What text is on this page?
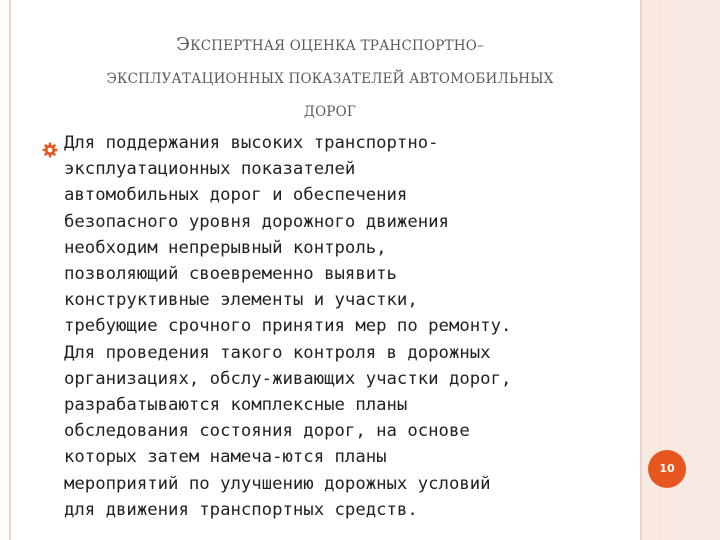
ЭКСПЕРТНАЯ ОЦЕНКА ТРАНСПОРТНО–
ЭКСПЛУАТАЦИОННЫХ ПОКАЗАТЕЛЕЙ АВТОМОБИЛЬНЫХ
ДОРОГ
Для поддержания высоких транспортно-
эксплуатационных показателей
автомобильных дорог и обеспечения
безопасного уровня дорожного движения
необходим непрерывный контроль,
позволяющий своевременно выявить
конструктивные элементы и участки,
требующие срочного принятия мер по ремонту.
Для проведения такого контроля в дорожных
организациях, обслу-живающих участки дорог,
разрабатываются комплексные планы
обследования состояния дорог, на основе
которых затем намеча-ются планы
мероприятий по улучшению дорожных условий
для движения транспортных средств.
10
